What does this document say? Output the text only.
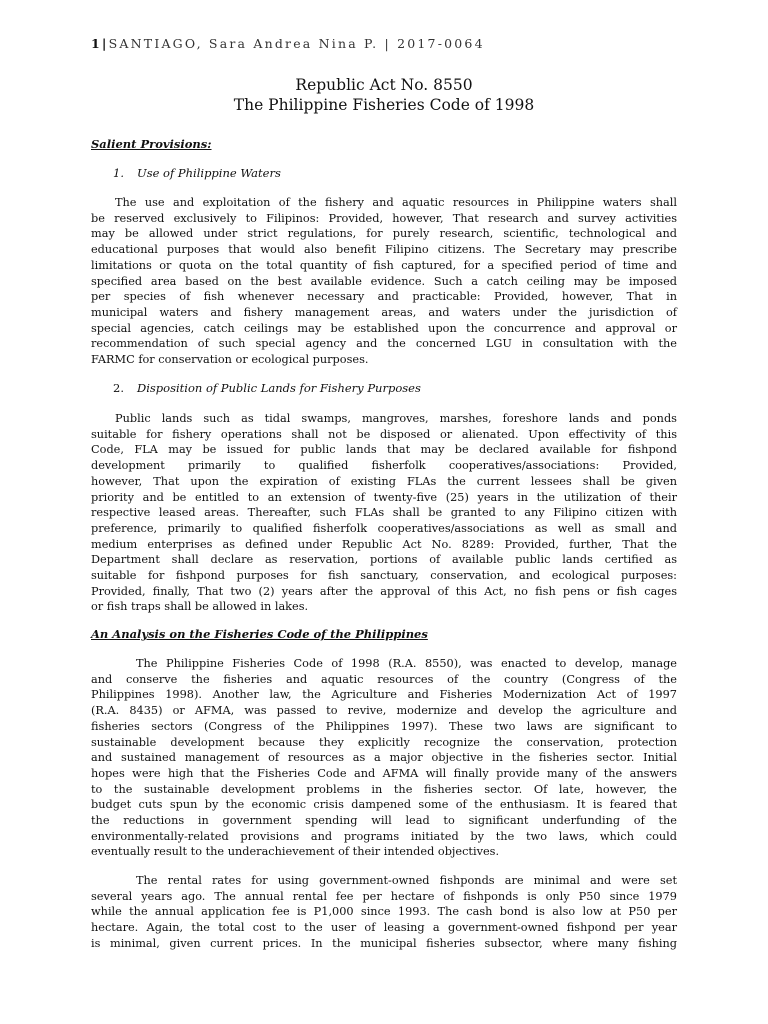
1|SANTIAGO, Sara Andrea Nina P. | 2017-0064
Republic Act No. 8550
The Philippine Fisheries Code of 1998
Salient Provisions:
1. Use of Philippine Waters
The use and exploitation of the fishery and aquatic resources in Philippine waters shall
be reserved exclusively to Filipinos: Provided, however, That research and survey activities
may be allowed under strict regulations, for purely research, scientific, technological and
educational purposes that would also benefit Filipino citizens. The Secretary may prescribe
limitations or quota on the total quantity of fish captured, for a specified period of time and
specified area based on the best available evidence. Such a catch ceiling may be imposed
per species of fish whenever necessary and practicable: Provided, however, That in
municipal waters and fishery management areas, and waters under the jurisdiction of
special agencies, catch ceilings may be established upon the concurrence and approval or
recommendation of such special agency and the concerned LGU in consultation with the
FARMC for conservation or ecological purposes.
2. Disposition of Public Lands for Fishery Purposes
Public lands such as tidal swamps, mangroves, marshes, foreshore lands and ponds
suitable for fishery operations shall not be disposed or alienated. Upon effectivity of this
Code, FLA may be issued for public lands that may be declared available for fishpond
development primarily to qualified fisherfolk cooperatives/associations: Provided,
however, That upon the expiration of existing FLAs the current lessees shall be given
priority and be entitled to an extension of twenty-five (25) years in the utilization of their
respective leased areas. Thereafter, such FLAs shall be granted to any Filipino citizen with
preference, primarily to qualified fisherfolk cooperatives/associations as well as small and
medium enterprises as defined under Republic Act No. 8289: Provided, further, That the
Department shall declare as reservation, portions of available public lands certified as
suitable for fishpond purposes for fish sanctuary, conservation, and ecological purposes:
Provided, finally, That two (2) years after the approval of this Act, no fish pens or fish cages
or fish traps shall be allowed in lakes.
An Analysis on the Fisheries Code of the Philippines
The Philippine Fisheries Code of 1998 (R.A. 8550), was enacted to develop, manage
and conserve the fisheries and aquatic resources of the country (Congress of the
Philippines 1998). Another law, the Agriculture and Fisheries Modernization Act of 1997
(R.A. 8435) or AFMA, was passed to revive, modernize and develop the agriculture and
fisheries sectors (Congress of the Philippines 1997). These two laws are significant to
sustainable development because they explicitly recognize the conservation, protection
and sustained management of resources as a major objective in the fisheries sector. Initial
hopes were high that the Fisheries Code and AFMA will finally provide many of the answers
to the sustainable development problems in the fisheries sector. Of late, however, the
budget cuts spun by the economic crisis dampened some of the enthusiasm. It is feared that
the reductions in government spending will lead to significant underfunding of the
environmentally-related provisions and programs initiated by the two laws, which could
eventually result to the underachievement of their intended objectives.
The rental rates for using government-owned fishponds are minimal and were set
several years ago. The annual rental fee per hectare of fishponds is only P50 since 1979
while the annual application fee is P1,000 since 1993. The cash bond is also low at P50 per
hectare. Again, the total cost to the user of leasing a government-owned fishpond per year
is minimal, given current prices. In the municipal fisheries subsector, where many fishing
